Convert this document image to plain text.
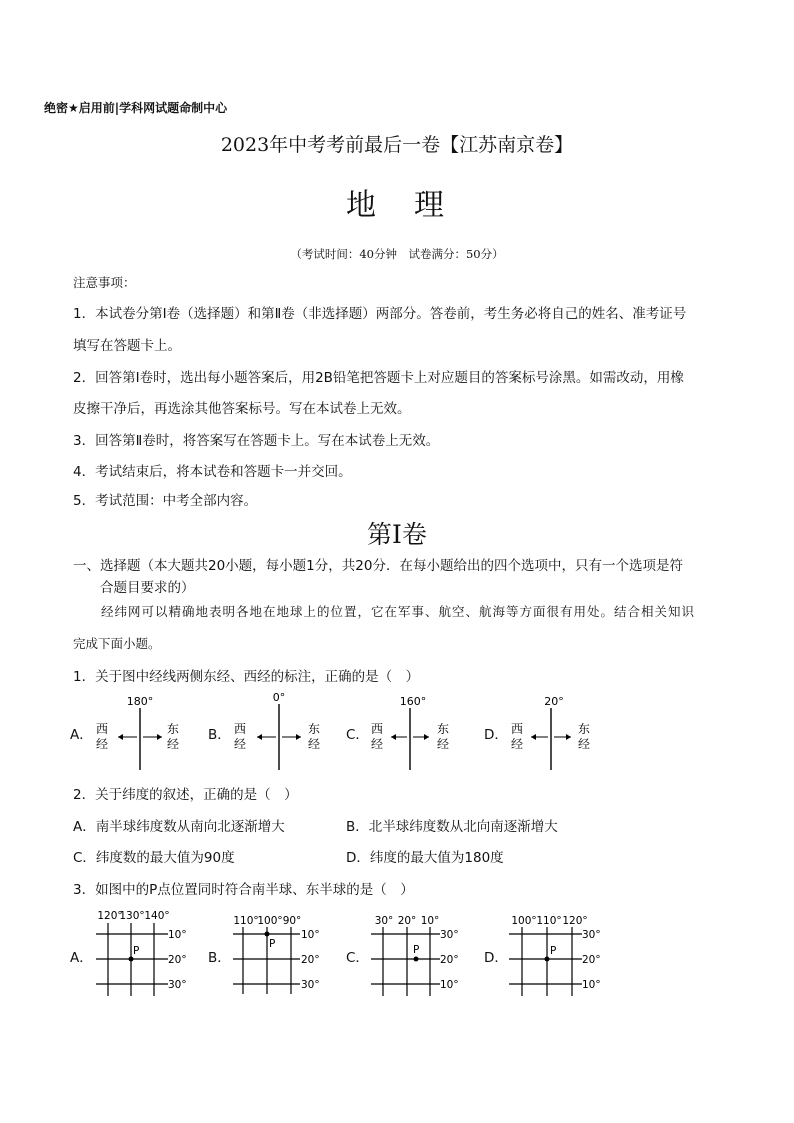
绝密★启用前|学科网试题命制中心
2023年中考考前最后一卷【江苏南京卷】
地　理
（考试时间：40分钟　试卷满分：50分）
注意事项：
1．本试卷分第Ⅰ卷（选择题）和第Ⅱ卷（非选择题）两部分。答卷前，考生务必将自己的姓名、准考证号
填写在答题卡上。
2．回答第Ⅰ卷时，选出每小题答案后，用2B铅笔把答题卡上对应题目的答案标号涂黑。如需改动，用橡
皮擦干净后，再选涂其他答案标号。写在本试卷上无效。
3．回答第Ⅱ卷时，将答案写在答题卡上。写在本试卷上无效。
4．考试结束后，将本试卷和答题卡一并交回。
5．考试范围：中考全部内容。
第Ⅰ卷
一、选择题（本大题共20小题，每小题1分，共20分．在每小题给出的四个选项中，只有一个选项是符
合题目要求的）
经纬网可以精确地表明各地在地球上的位置，它在军事、航空、航海等方面很有用处。结合相关知识
完成下面小题。
1．关于图中经线两侧东经、西经的标注，正确的是（　）
A．
180°
西
经
东
经
B．
0°
西
经
东
经
C．
160°
西
经
东
经
D．
20°
西
经
东
经
2．关于纬度的叙述，正确的是（　）
A．南半球纬度数从南向北逐渐增大	B．北半球纬度数从北向南逐渐增大
C．纬度数的最大值为90度	D．纬度的最大值为180度
3．如图中的P点位置同时符合南半球、东半球的是（　）
A．
120°
130° 140°
10°
20°
30°
P	B．
110°
100° 90°
10°
20°
30°
P
C．
30° 20° 10°
30°
20°
10°
P	D．
100° 110° 120°
30°
20°
10°
P
